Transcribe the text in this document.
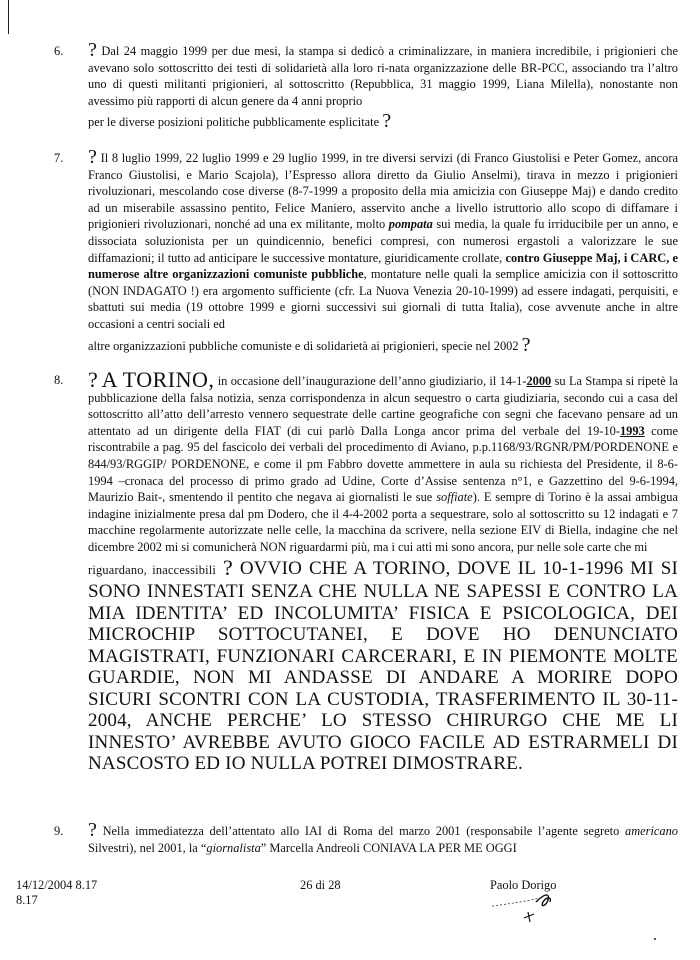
6. ? Dal 24 maggio 1999 per due mesi, la stampa si dedicò a criminalizzare, in maniera incredibile, i prigionieri che avevano solo sottoscritto dei testi di solidarietà alla loro ri-nata organizzazione delle BR-PCC, associando tra l’altro uno di questi militanti prigionieri, al sottoscritto (Repubblica, 31 maggio 1999, Liana Milella), nonostante non avessimo più rapporti di alcun genere da 4 anni proprio
per le diverse posizioni politiche pubblicamente esplicitate ?
7. ? Il 8 luglio 1999, 22 luglio 1999 e 29 luglio 1999, in tre diversi servizi (di Franco Giustolisi e Peter Gomez, ancora Franco Giustolisi, e Mario Scajola), l’Espresso allora diretto da Giulio Anselmi), tirava in mezzo i prigionieri rivoluzionari, mescolando cose diverse (8-7-1999 a proposito della mia amicizia con Giuseppe Maj) e dando credito ad un miserabile assassino pentito, Felice Maniero, asservito anche a livello istruttorio allo scopo di diffamare i prigionieri rivoluzionari, nonché ad una ex militante, molto pompata sui media, la quale fu irriducibile per un anno, e dissociata soluzionista per un quindicennio, benefici compresi, con numerosi ergastoli a valorizzare le sue diffamazioni; il tutto ad anticipare le successive montature, giuridicamente crollate, contro Giuseppe Maj, i CARC, e numerose altre organizzazioni comuniste pubbliche, montature nelle quali la semplice amicizia con il sottoscritto (NON INDAGATO !) era argomento sufficiente (cfr. La Nuova Venezia 20-10-1999) ad essere indagati, perquisiti, e sbattuti sui media (19 ottobre 1999 e giorni successivi sui giornali di tutta Italia), cose avvenute anche in altre occasioni a centri sociali ed
altre organizzazioni pubbliche comuniste e di solidarietà ai prigionieri, specie nel 2002 ?
8. ? A TORINO, in occasione dell’inaugurazione dell’anno giudiziario, il 14-1-2000 su La Stampa si ripetè la pubblicazione della falsa notizia, senza corrispondenza in alcun sequestro o carta giudiziaria, secondo cui a casa del sottoscritto all’atto dell’arresto vennero sequestrate delle cartine geografiche con segni che facevano pensare ad un attentato ad un dirigente della FIAT (di cui parlò Dalla Longa ancor prima del verbale del 19-10-1993 come riscontrabile a pag. 95 del fascicolo dei verbali del procedimento di Aviano, p.p.1168/93/RGNR/PM/PORDENONE e 844/93/RGGIP/ PORDENONE, e come il pm Fabbro dovette ammettere in aula su richiesta del Presidente, il 8-6-1994 –cronaca del processo di primo grado ad Udine, Corte d’Assise sentenza n°1, e Gazzettino del 9-6-1994, Maurizio Bait-, smentendo il pentito che negava ai giornalisti le sue soffiate). E sempre di Torino è la assai ambigua indagine inizialmente presa dal pm Dodero, che il 4-4-2002 porta a sequestrare, solo al sottoscritto su 12 indagati e 7 macchine regolarmente autorizzate nelle celle, la macchina da scrivere, nella sezione EIV di Biella, indagine che nel dicembre 2002 mi si comunicherà NON riguardarmi più, ma i cui atti mi sono ancora, pur nelle sole carte che mi
riguardano, inaccessibili ? OVVIO CHE A TORINO, DOVE IL 10-1-1996 MI SI SONO INNESTATI SENZA CHE NULLA NE SAPESSI E CONTRO LA MIA IDENTITA’ ED INCOLUMITA’ FISICA E PSICOLOGICA, DEI MICROCHIP SOTTOCUTANEI, E DOVE HO DENUNCIATO MAGISTRATI, FUNZIONARI CARCERARI, E IN PIEMONTE MOLTE GUARDIE, NON MI ANDASSE DI ANDARE A MORIRE DOPO SICURI SCONTRI CON LA CUSTODIA, TRASFERIMENTO IL 30-11-2004, ANCHE PERCHE’ LO STESSO CHIRURGO CHE ME LI INNESTO’ AVREBBE AVUTO GIOCO FACILE AD ESTRARMELI DI NASCOSTO ED IO NULLA POTREI DIMOSTRARE.
9. ? Nella immediatezza dell’attentato allo IAI di Roma del marzo 2001 (responsabile l’agente segreto americano Silvestri), nel 2001, la “giornalista” Marcella Andreoli CONIAVA LA PER ME OGGI
14/12/2004 8.17
8.17
26 di 28	Paolo Dorigo
